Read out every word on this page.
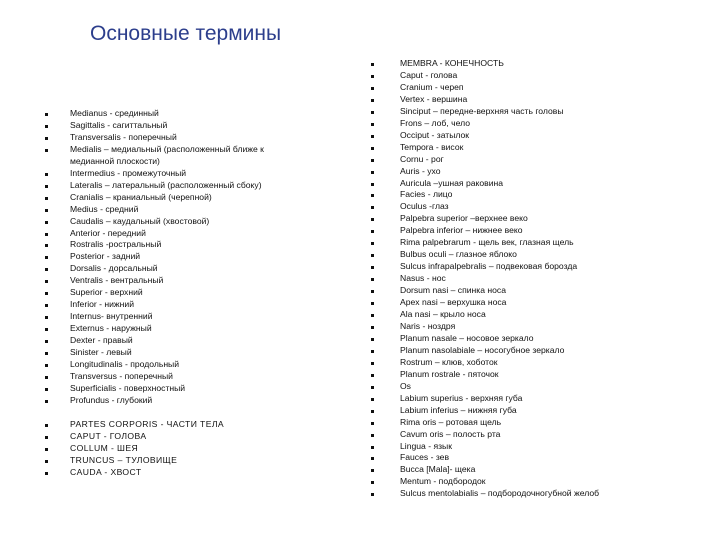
Основные термины
Medianus - срединный
Sagittalis - сагиттальный
Transversalis - поперечный
Medialis – медиальный (расположенный ближе к медианной плоскости)
Intermedius - промежуточный
Lateralis – латеральный (расположенный сбоку)
Cranialis – краниальный (черепной)
Medius - средний
Caudalis – каудальный (хвостовой)
Anterior - передний
Rostralis -ростральный
Posterior - задний
Dorsalis - дорсальный
Ventralis - вентральный
Superior - верхний
Inferior - нижний
Internus- внутренний
Externus - наружный
Dexter - правый
Sinister - левый
Longitudinalis - продольный
Transversus - поперечный
Superficialis - поверхностный
Profundus - глубокий
PARTES CORPORIS - ЧАСТИ ТЕЛА
CAPUT - ГОЛОВА
COLLUM - ШЕЯ
TRUNCUS – ТУЛОВИЩЕ
CAUDA - ХВОСТ
MEMBRA - КОНЕЧНОСТЬ
Caput - голова
Cranium - череп
Vertex - вершина
Sinciput – передне-верхняя часть головы
Frons – лоб, чело
Occiput - затылок
Tempora - висок
Cornu - рог
Auris - ухо
Auricula –ушная раковина
Facies - лицо
Oculus -глаз
Palpebra superior –верхнее веко
Palpebra inferior – нижнее веко
Rima palpebrarum - щель век, глазная щель
Bulbus oculi – глазное яблоко
Sulcus infrapalpebralis – подвековая борозда
Nasus - нос
Dorsum nasi – спинка носа
Apex nasi – верхушка носа
Ala nasi – крыло носа
Naris - ноздря
Planum nasale – носовое зеркало
Planum nasolabiale – носогубное зеркало
Rostrum – клюв, хоботок
Planum rostrale - пяточок
Os
Labium superius - верхняя губа
Labium inferius – нижняя губа
Rima oris – ротовая щель
Cavum oris – полость рта
Lingua - язык
Fauces - зев
Bucca [Mala]- щека
Mentum - подбородок
Sulcus mentolabialis – подбородочногубной желоб
